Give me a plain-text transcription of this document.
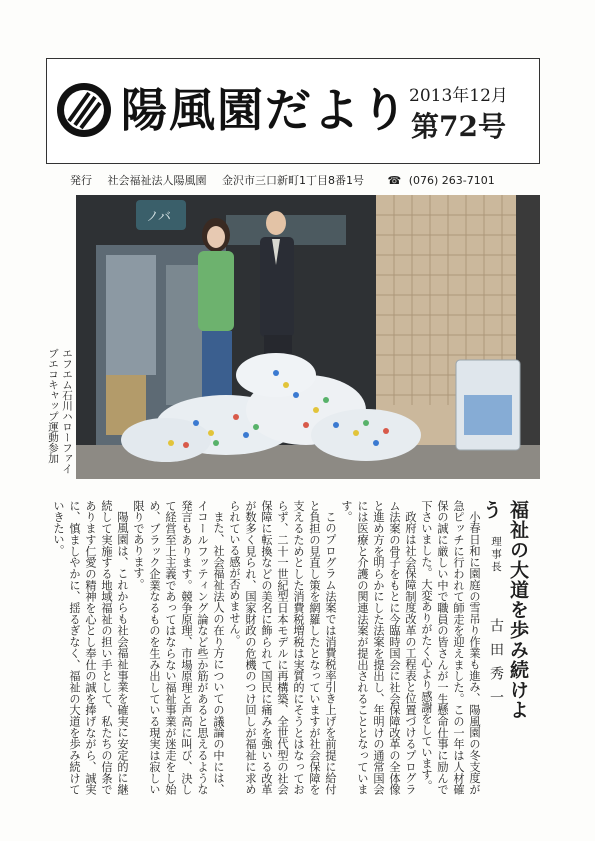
陽風園だより 2013年12月
第72号
発行 社会福祉法人陽風園 金沢市三口新町1丁目8番1号 ☎ (076) 263-7101
ノバ
エフエム石川ハローファイブエコキャップ運動参加
福祉の大道を歩み続けよう
理事長
古田秀一

小春日和に園庭の雪吊り作業も進み、陽風園の冬支度が急ピッチに行われて師走を迎えました。この一年は人材確保の誠に厳しい中で職員の皆さんが一生懸命仕事に励んで下さいました。大変ありがたく心より感謝をしています。

政府は社会保障制度改革の工程表と位置づけるプログラム法案の骨子をもとに今臨時国会に社会保障改革の全体像と進め方を明らかにした法案を提出し、年明けの通常国会には医療と介護の関連法案が提出されることとなっています。

このプログラム法案では消費税率引き上げを前提に給付と負担の見直し策を網羅したとなっていますが社会保障を支えるためとした消費税増税は実質的にそうとはなっておらず、二十一世紀型日本モデルに再構築、全世代型の社会保障に転換などの美名に飾られて国民に痛みを強いる改革が数多く見られ、国家財政の危機のつけ回しが福祉に求められている感が否めません。

また、社会福祉法人の在り方についての議論の中には、イコールフッティング論など些か筋があると思えるような発言もあります。競争原理、市場原理と声高に叫び、決して経営至上主義であってはならない福祉事業が迷走をし始め、ブラック企業なるものを生み出している現実は寂しい限りであります。

陽風園は、これからも社会福祉事業を確実に安定的に継続して実施する地域福祉の担い手として、私たちの信条であります仁愛の精神を心とし奉仕の誠を捧げながら、誠実に、慎ましやかに、揺るぎなく、福祉の大道を歩み続けていきたい。
